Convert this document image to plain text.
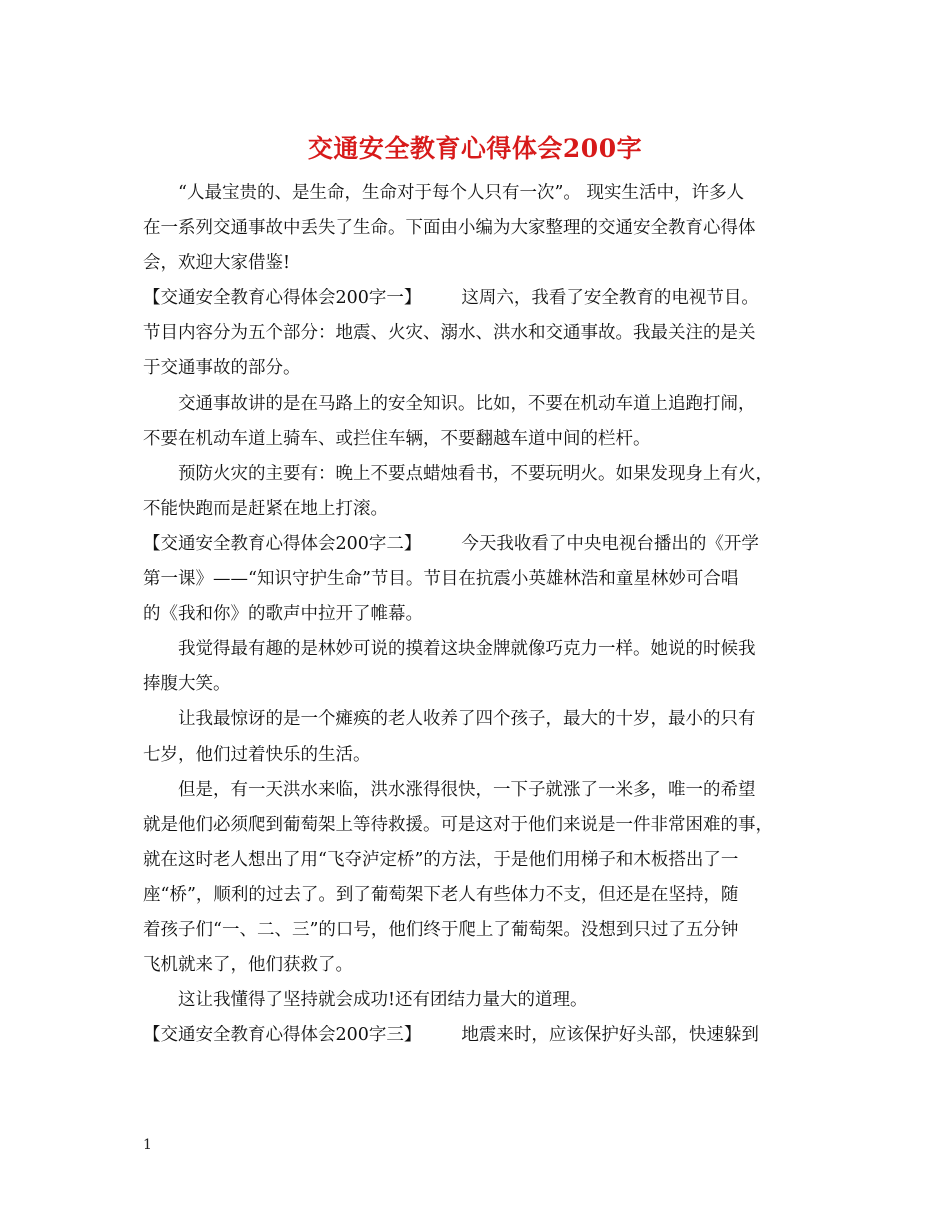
交通安全教育心得体会200字
“人最宝贵的、是生命，生命对于每个人只有一次”。 现实生活中，许多人
在一系列交通事故中丢失了生命。下面由小编为大家整理的交通安全教育心得体
会，欢迎大家借鉴!
【交通安全教育心得体会200字一】 这周六，我看了安全教育的电视节目。
节目内容分为五个部分：地震、火灾、溺水、洪水和交通事故。我最关注的是关
于交通事故的部分。
交通事故讲的是在马路上的安全知识。比如，不要在机动车道上追跑打闹，
不要在机动车道上骑车、或拦住车辆，不要翻越车道中间的栏杆。
预防火灾的主要有：晚上不要点蜡烛看书，不要玩明火。如果发现身上有火，
不能快跑而是赶紧在地上打滚。
【交通安全教育心得体会200字二】 今天我收看了中央电视台播出的《开学
第一课》——“知识守护生命”节目。节目在抗震小英雄林浩和童星林妙可合唱
的《我和你》的歌声中拉开了帷幕。
我觉得最有趣的是林妙可说的摸着这块金牌就像巧克力一样。她说的时候我
捧腹大笑。
让我最惊讶的是一个瘫痪的老人收养了四个孩子，最大的十岁，最小的只有
七岁，他们过着快乐的生活。
但是，有一天洪水来临，洪水涨得很快，一下子就涨了一米多，唯一的希望
就是他们必须爬到葡萄架上等待救援。可是这对于他们来说是一件非常困难的事，
就在这时老人想出了用“飞夺泸定桥”的方法，于是他们用梯子和木板搭出了一
座“桥”，顺利的过去了。到了葡萄架下老人有些体力不支，但还是在坚持，随
着孩子们“一、二、三”的口号，他们终于爬上了葡萄架。没想到只过了五分钟
飞机就来了，他们获救了。
这让我懂得了坚持就会成功!还有团结力量大的道理。
【交通安全教育心得体会200字三】 地震来时，应该保护好头部，快速躲到
1
